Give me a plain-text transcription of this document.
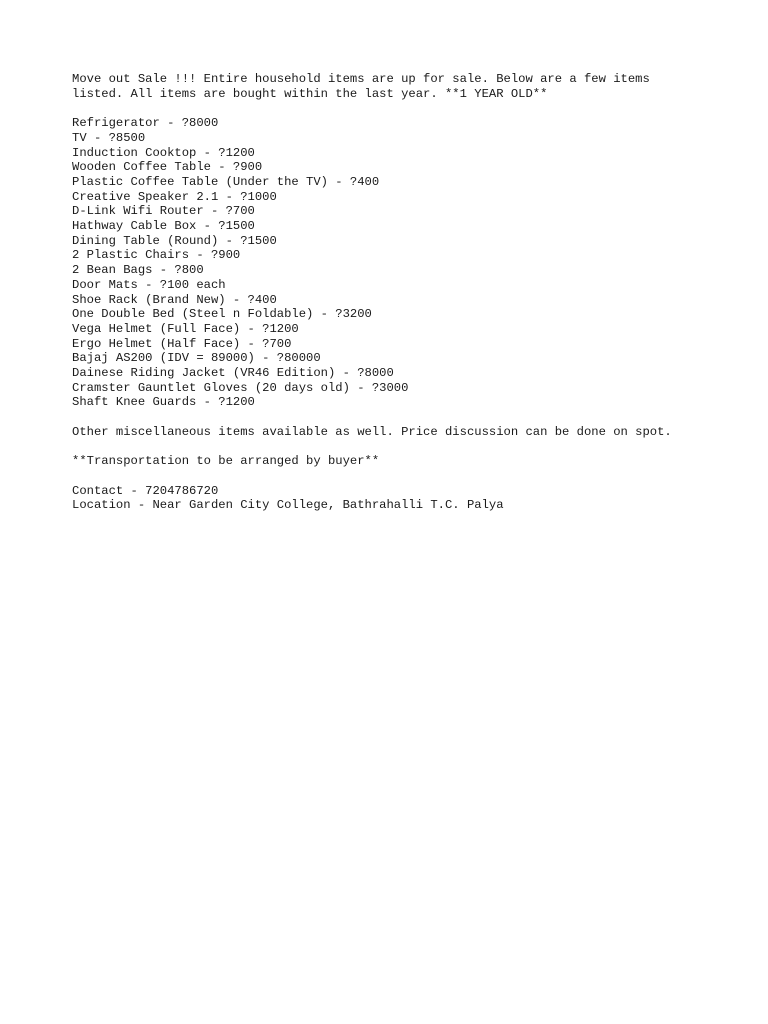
Move out Sale !!! Entire household items are up for sale. Below are a few items
listed. All items are bought within the last year. **1 YEAR OLD**
Refrigerator - ?8000
TV - ?8500
Induction Cooktop - ?1200
Wooden Coffee Table - ?900
Plastic Coffee Table (Under the TV) - ?400
Creative Speaker 2.1 - ?1000
D-Link Wifi Router - ?700
Hathway Cable Box - ?1500
Dining Table (Round) - ?1500
2 Plastic Chairs - ?900
2 Bean Bags - ?800
Door Mats - ?100 each
Shoe Rack (Brand New) - ?400
One Double Bed (Steel n Foldable) - ?3200
Vega Helmet (Full Face) - ?1200
Ergo Helmet (Half Face) - ?700
Bajaj AS200 (IDV = 89000) - ?80000
Dainese Riding Jacket (VR46 Edition) - ?8000
Cramster Gauntlet Gloves (20 days old) - ?3000
Shaft Knee Guards - ?1200
Other miscellaneous items available as well. Price discussion can be done on spot.
**Transportation to be arranged by buyer**
Contact - 7204786720
Location - Near Garden City College, Bathrahalli T.C. Palya
